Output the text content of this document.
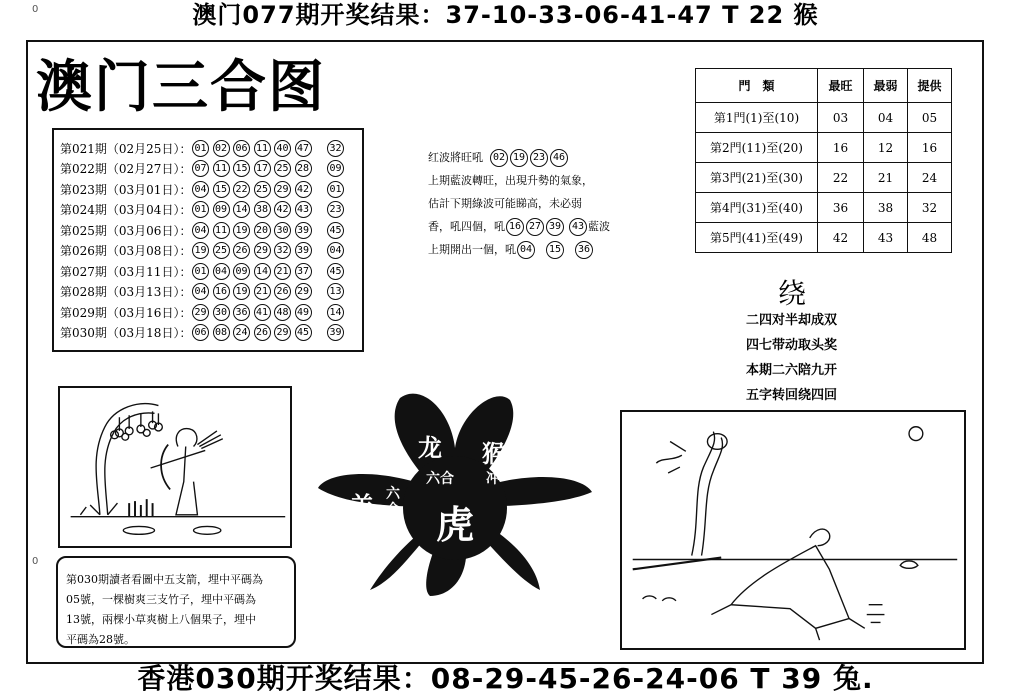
0
0
澳门077期开奖结果：37-10-33-06-41-47 T 22 猴
澳门三合图
第021期（02月25日）： 01 02 06 11 40 47 32
第022期（02月27日）： 07 11 15 17 25 28 09
第023期（03月01日）： 04 15 22 25 29 42 01
第024期（03月04日）： 01 09 14 38 42 43 23
第025期（03月06日）： 04 11 19 20 30 39 45
第026期（03月08日）： 19 25 26 29 32 39 04
第027期（03月11日）： 01 04 09 14 21 37 45
第028期（03月13日）： 04 16 19 21 26 29 13
第029期（03月16日）： 29 30 36 41 48 49 14
第030期（03月18日）： 06 08 24 26 29 45 39
红波將旺吼 02 19 23 46
上期藍波轉旺，出現升勢的氣象，
估計下期綠波可能睇高，未必弱
香，吼四個，吼 16 27 39 43 藍波
上期開出一個，吼 04 15 36
門　類	最旺	最弱	提供
第1門(1)至(10)	03	04	05
第2門(11)至(20)	16	12	16
第3門(21)至(30)	22	21	24
第4門(31)至(40)	36	38	32
第5門(41)至(49)	42	43	48
绕
二四对半却成双
四七带动取头奖
本期二六陪九开
五字转回绕四回
龙 猴
六合 冲
羊 六合 虎 兔
第030期讀者看圖中五支箭，埋中平碼為
05號，一棵樹爽三支竹子，埋中平碼為
13號，兩棵小草爽樹上八個果子，埋中
平碼為28號。
香港030期开奖结果：08-29-45-26-24-06 T 39 兔.
